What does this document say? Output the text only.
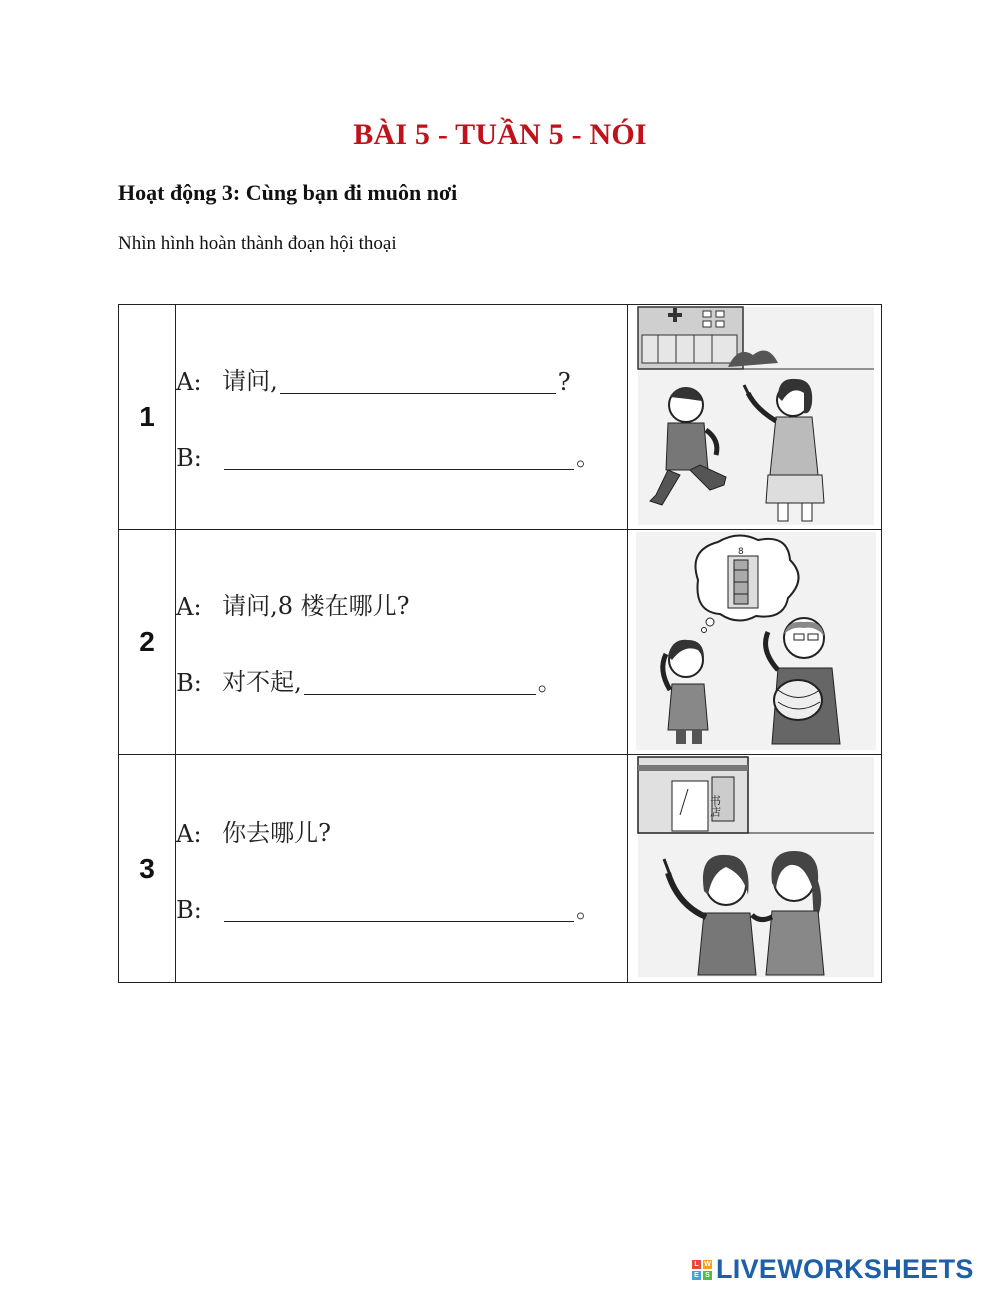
BÀI 5 - TUẦN 5 - NÓI
Hoạt động 3: Cùng bạn đi muôn nơi
Nhìn hình hoàn thành đoạn hội thoại
1	A: 请问, ?
B: 。

2	A: 请问,8 楼在哪儿?
B: 对不起, 。	8

3	A: 你去哪儿?
B: 。	书店
L W
E S LIVEWORKSHEETS
